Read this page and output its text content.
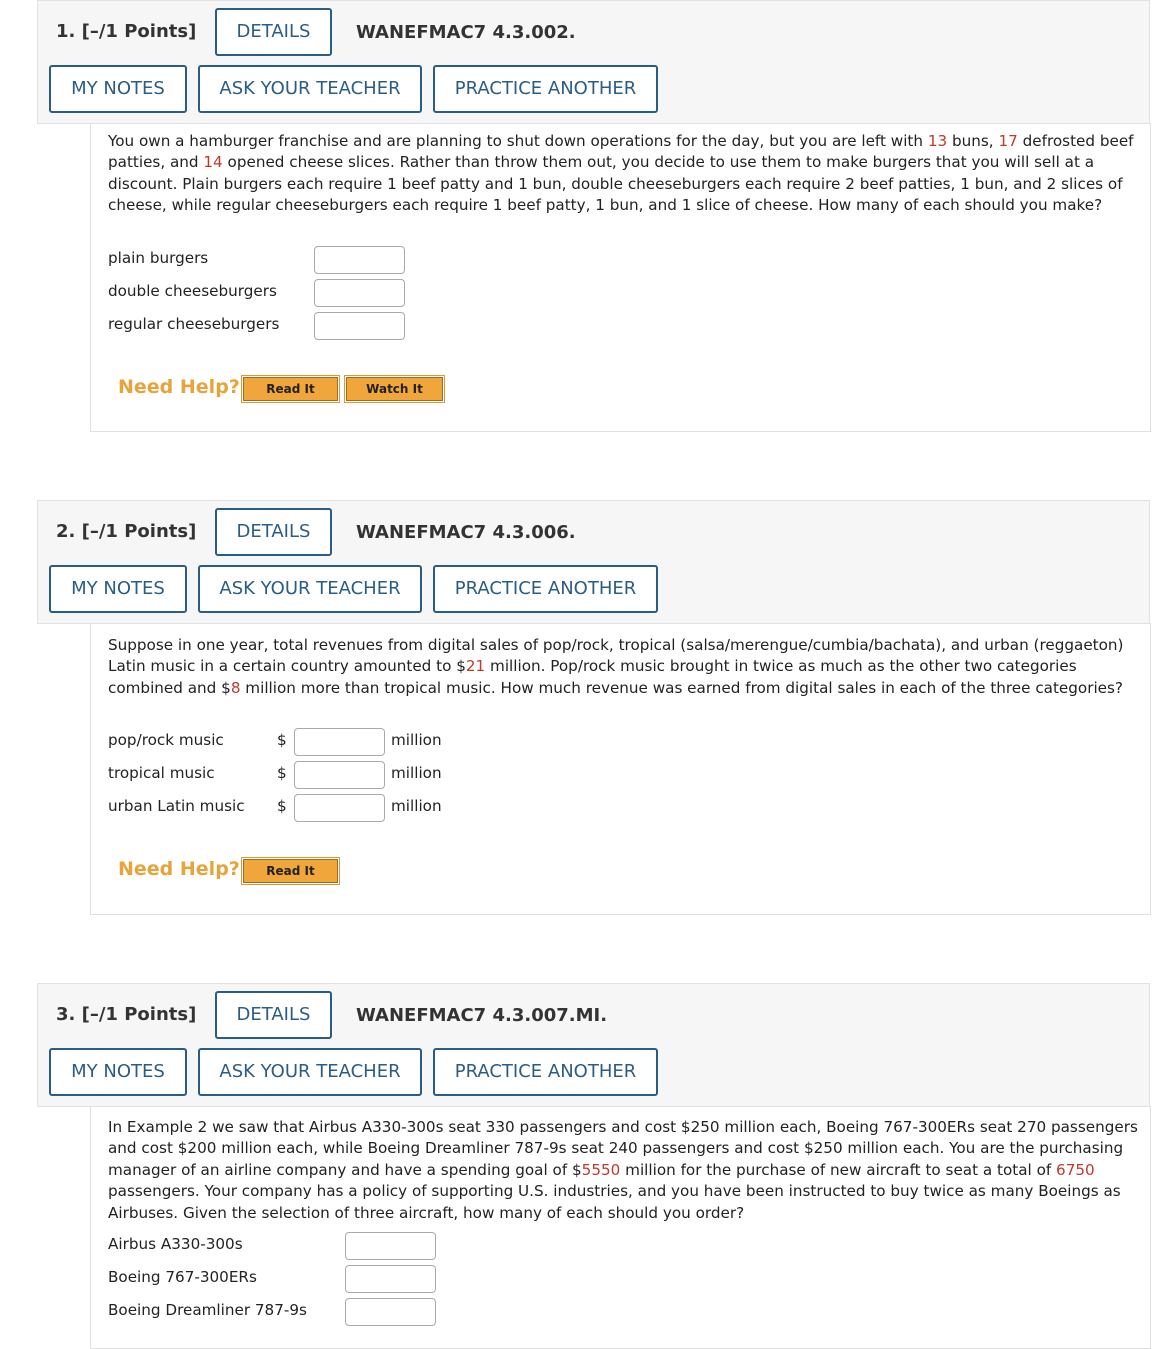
1. [–/1 Points]	DETAILS	WANEFMAC7 4.3.002.
MY NOTES	ASK YOUR TEACHER	PRACTICE ANOTHER
You own a hamburger franchise and are planning to shut down operations for the day, but you are left with 13 buns, 17 defrosted beef patties, and 14 opened cheese slices. Rather than throw them out, you decide to use them to make burgers that you will sell at a discount. Plain burgers each require 1 beef patty and 1 bun, double cheeseburgers each require 2 beef patties, 1 bun, and 2 slices of cheese, while regular cheeseburgers each require 1 beef patty, 1 bun, and 1 slice of cheese. How many of each should you make?
plain burgers
double cheeseburgers
regular cheeseburgers
Need Help?	Read It	Watch It
2. [–/1 Points]	DETAILS	WANEFMAC7 4.3.006.
MY NOTES	ASK YOUR TEACHER	PRACTICE ANOTHER
Suppose in one year, total revenues from digital sales of pop/rock, tropical (salsa/merengue/cumbia/bachata), and urban (reggaeton) Latin music in a certain country amounted to $21 million. Pop/rock music brought in twice as much as the other two categories combined and $8 million more than tropical music. How much revenue was earned from digital sales in each of the three categories?
pop/rock music	$	million
tropical music	$	million
urban Latin music $	million
Need Help?	Read It
3. [–/1 Points]	DETAILS	WANEFMAC7 4.3.007.MI.
MY NOTES	ASK YOUR TEACHER	PRACTICE ANOTHER
In Example 2 we saw that Airbus A330-300s seat 330 passengers and cost $250 million each, Boeing 767-300ERs seat 270 passengers and cost $200 million each, while Boeing Dreamliner 787-9s seat 240 passengers and cost $250 million each. You are the purchasing manager of an airline company and have a spending goal of $5550 million for the purchase of new aircraft to seat a total of 6750 passengers. Your company has a policy of supporting U.S. industries, and you have been instructed to buy twice as many Boeings as Airbuses. Given the selection of three aircraft, how many of each should you order?
Airbus A330-300s
Boeing 767-300ERs
Boeing Dreamliner 787-9s
